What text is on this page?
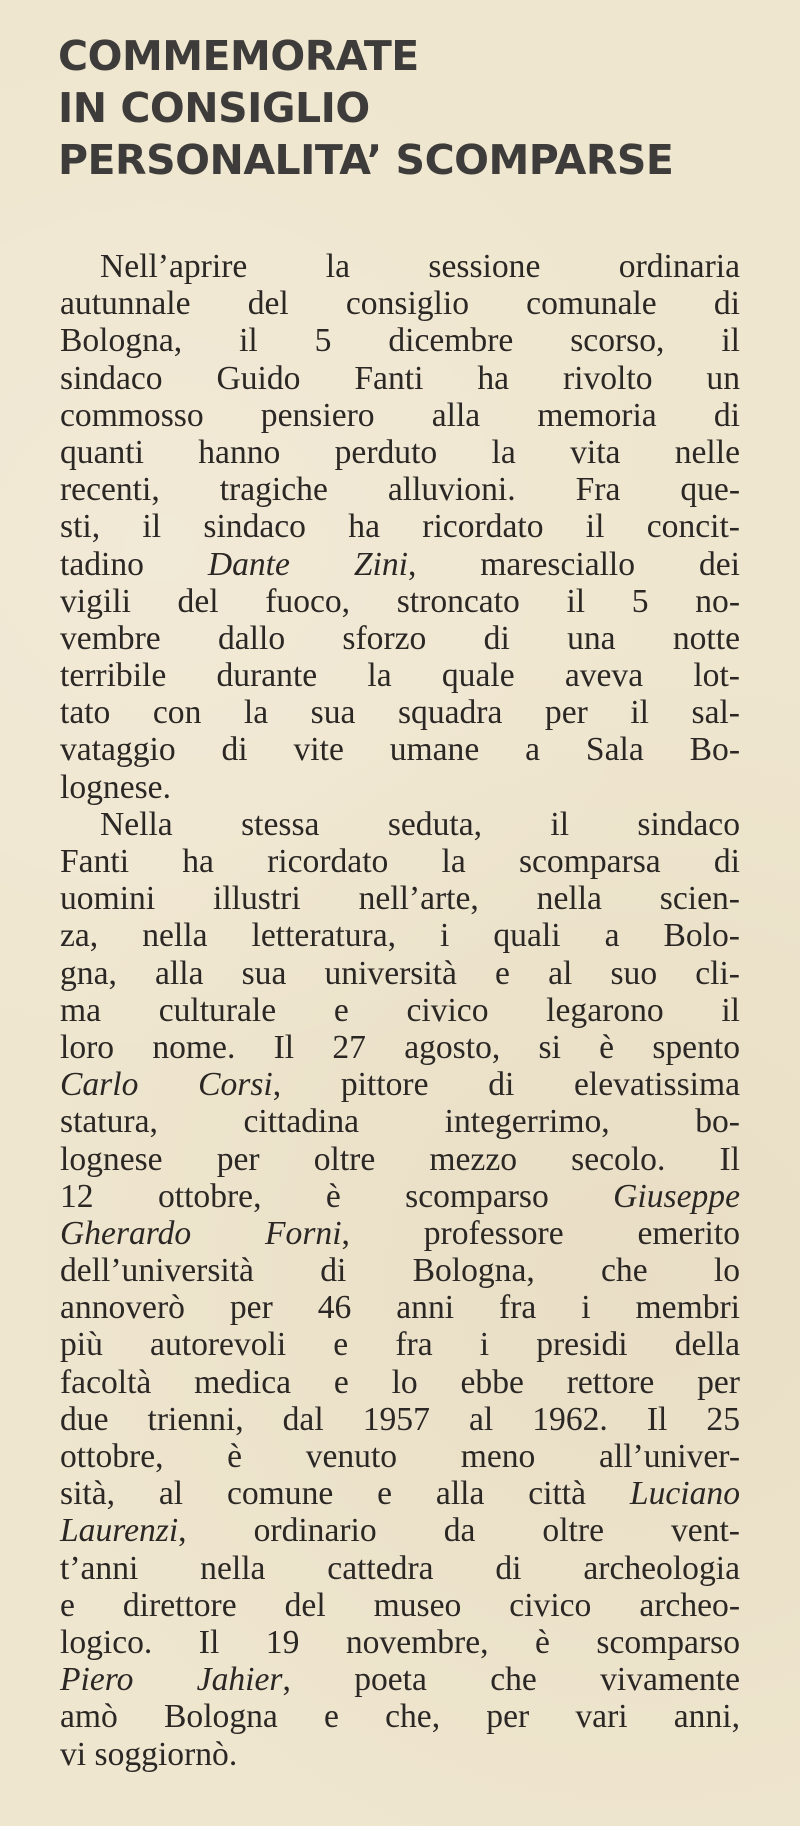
COMMEMORATE
IN CONSIGLIO
PERSONALITA’ SCOMPARSE
Nell’aprire la sessione ordinaria
autunnale del consiglio comunale di
Bologna, il 5 dicembre scorso, il
sindaco Guido Fanti ha rivolto un
commosso pensiero alla memoria di
quanti hanno perduto la vita nelle
recenti, tragiche alluvioni. Fra que-
sti, il sindaco ha ricordato il concit-
tadino Dante Zini, maresciallo dei
vigili del fuoco, stroncato il 5 no-
vembre dallo sforzo di una notte
terribile durante la quale aveva lot-
tato con la sua squadra per il sal-
vataggio di vite umane a Sala Bo-
lognese.
Nella stessa seduta, il sindaco
Fanti ha ricordato la scomparsa di
uomini illustri nell’arte, nella scien-
za, nella letteratura, i quali a Bolo-
gna, alla sua università e al suo cli-
ma culturale e civico legarono il
loro nome. Il 27 agosto, si è spento
Carlo Corsi, pittore di elevatissima
statura, cittadina integerrimo, bo-
lognese per oltre mezzo secolo. Il
12 ottobre, è scomparso Giuseppe
Gherardo Forni, professore emerito
dell’università di Bologna, che lo
annoverò per 46 anni fra i membri
più autorevoli e fra i presidi della
facoltà medica e lo ebbe rettore per
due trienni, dal 1957 al 1962. Il 25
ottobre, è venuto meno all’univer-
sità, al comune e alla città Luciano
Laurenzi, ordinario da oltre vent-
t’anni nella cattedra di archeologia
e direttore del museo civico archeo-
logico. Il 19 novembre, è scomparso
Piero Jahier, poeta che vivamente
amò Bologna e che, per vari anni,
vi soggiornò.
